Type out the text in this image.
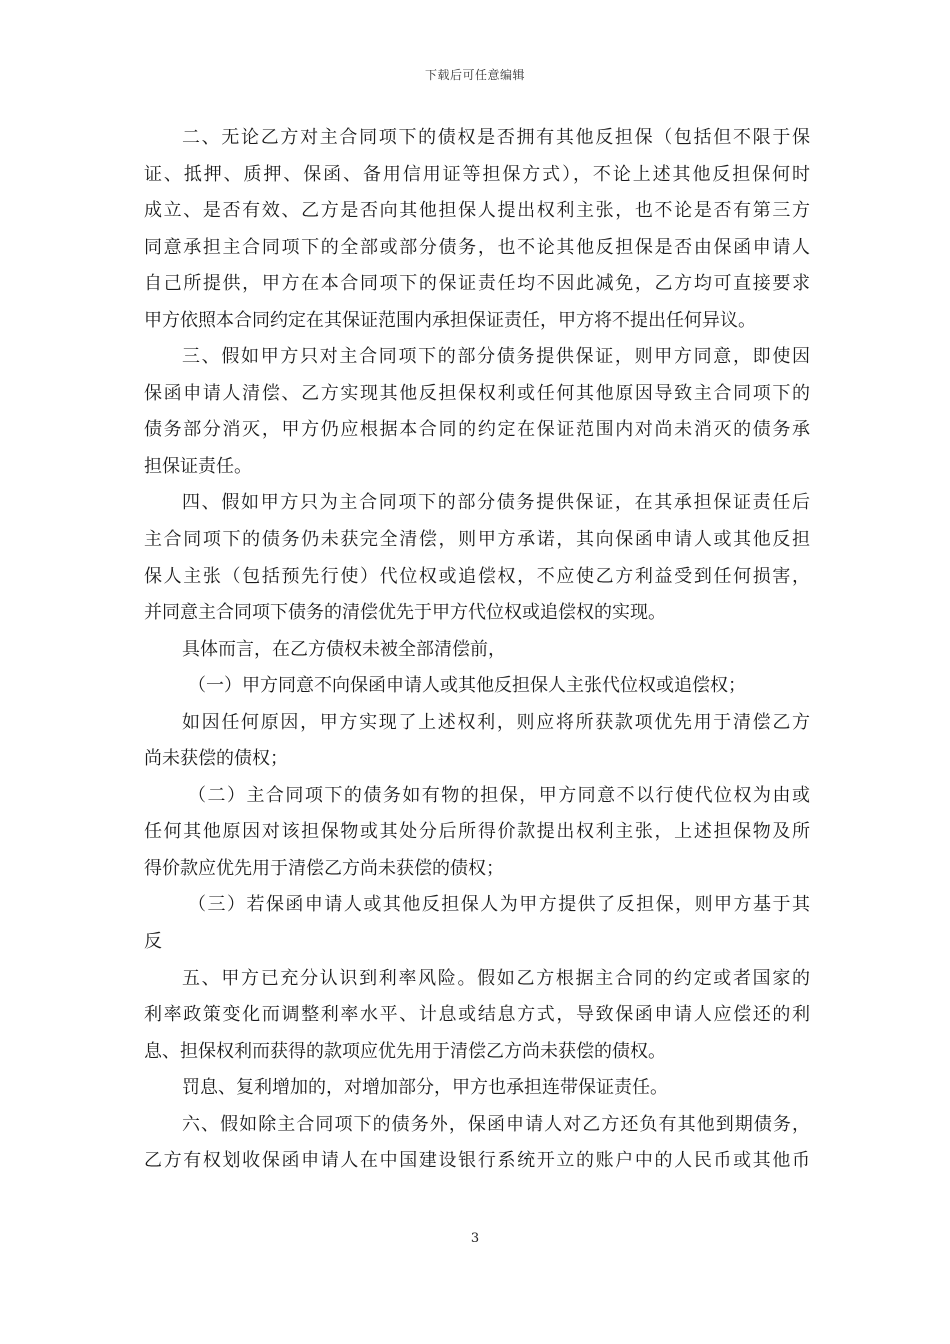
下载后可任意编辑
二、无论乙方对主合同项下的债权是否拥有其他反担保（包括但不限于保
证、抵押、质押、保函、备用信用证等担保方式），不论上述其他反担保何时
成立、是否有效、乙方是否向其他担保人提出权利主张，也不论是否有第三方
同意承担主合同项下的全部或部分债务，也不论其他反担保是否由保函申请人
自己所提供，甲方在本合同项下的保证责任均不因此减免，乙方均可直接要求
甲方依照本合同约定在其保证范围内承担保证责任，甲方将不提出任何异议。
三、假如甲方只对主合同项下的部分债务提供保证，则甲方同意，即使因
保函申请人清偿、乙方实现其他反担保权利或任何其他原因导致主合同项下的
债务部分消灭，甲方仍应根据本合同的约定在保证范围内对尚未消灭的债务承
担保证责任。
四、假如甲方只为主合同项下的部分债务提供保证，在其承担保证责任后
主合同项下的债务仍未获完全清偿，则甲方承诺，其向保函申请人或其他反担
保人主张（包括预先行使）代位权或追偿权，不应使乙方利益受到任何损害，
并同意主合同项下债务的清偿优先于甲方代位权或追偿权的实现。
具体而言，在乙方债权未被全部清偿前，
（一）甲方同意不向保函申请人或其他反担保人主张代位权或追偿权；
如因任何原因，甲方实现了上述权利，则应将所获款项优先用于清偿乙方
尚未获偿的债权；
（二）主合同项下的债务如有物的担保，甲方同意不以行使代位权为由或
任何其他原因对该担保物或其处分后所得价款提出权利主张，上述担保物及所
得价款应优先用于清偿乙方尚未获偿的债权；
（三）若保函申请人或其他反担保人为甲方提供了反担保，则甲方基于其
反
五、甲方已充分认识到利率风险。假如乙方根据主合同的约定或者国家的
利率政策变化而调整利率水平、计息或结息方式，导致保函申请人应偿还的利
息、担保权利而获得的款项应优先用于清偿乙方尚未获偿的债权。
罚息、复利增加的，对增加部分，甲方也承担连带保证责任。
六、假如除主合同项下的债务外，保函申请人对乙方还负有其他到期债务，
乙方有权划收保函申请人在中国建设银行系统开立的账户中的人民币或其他币
3
